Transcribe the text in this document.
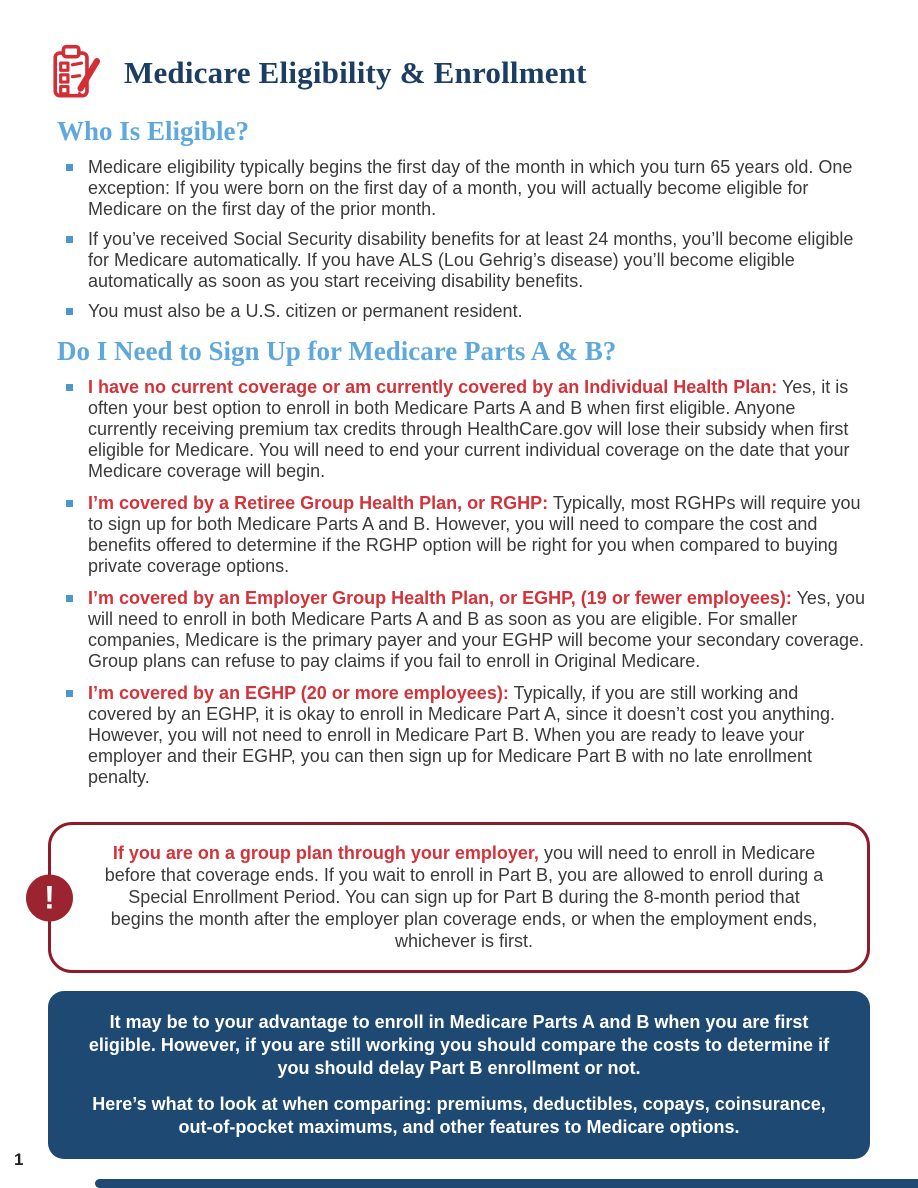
Medicare Eligibility & Enrollment
Who Is Eligible?

Medicare eligibility typically begins the first day of the month in which you turn 65 years old. One exception: If you were born on the first day of a month, you will actually become eligible for Medicare on the first day of the prior month.

If you’ve received Social Security disability benefits for at least 24 months, you’ll become eligible for Medicare automatically. If you have ALS (Lou Gehrig’s disease) you’ll become eligible automatically as soon as you start receiving disability benefits.

You must also be a U.S. citizen or permanent resident.

Do I Need to Sign Up for Medicare Parts A & B?

I have no current coverage or am currently covered by an Individual Health Plan: Yes, it is often your best option to enroll in both Medicare Parts A and B when first eligible. Anyone currently receiving premium tax credits through HealthCare.gov will lose their subsidy when first eligible for Medicare. You will need to end your current individual coverage on the date that your Medicare coverage will begin.

I’m covered by a Retiree Group Health Plan, or RGHP: Typically, most RGHPs will require you to sign up for both Medicare Parts A and B. However, you will need to compare the cost and benefits offered to determine if the RGHP option will be right for you when compared to buying private coverage options.

I’m covered by an Employer Group Health Plan, or EGHP, (19 or fewer employees): Yes, you will need to enroll in both Medicare Parts A and B as soon as you are eligible. For smaller companies, Medicare is the primary payer and your EGHP will become your secondary coverage. Group plans can refuse to pay claims if you fail to enroll in Original Medicare.

I’m covered by an EGHP (20 or more employees): Typically, if you are still working and covered by an EGHP, it is okay to enroll in Medicare Part A, since it doesn’t cost you anything. However, you will not need to enroll in Medicare Part B. When you are ready to leave your employer and their EGHP, you can then sign up for Medicare Part B with no late enrollment penalty.

!

If you are on a group plan through your employer, you will need to enroll in Medicare before that coverage ends. If you wait to enroll in Part B, you are allowed to enroll during a Special Enrollment Period. You can sign up for Part B during the 8-month period that begins the month after the employer plan coverage ends, or when the employment ends, whichever is first.

It may be to your advantage to enroll in Medicare Parts A and B when you are first eligible. However, if you are still working you should compare the costs to determine if you should delay Part B enrollment or not.

Here’s what to look at when comparing: premiums, deductibles, copays, coinsurance, out-of-pocket maximums, and other features to Medicare options.

1
